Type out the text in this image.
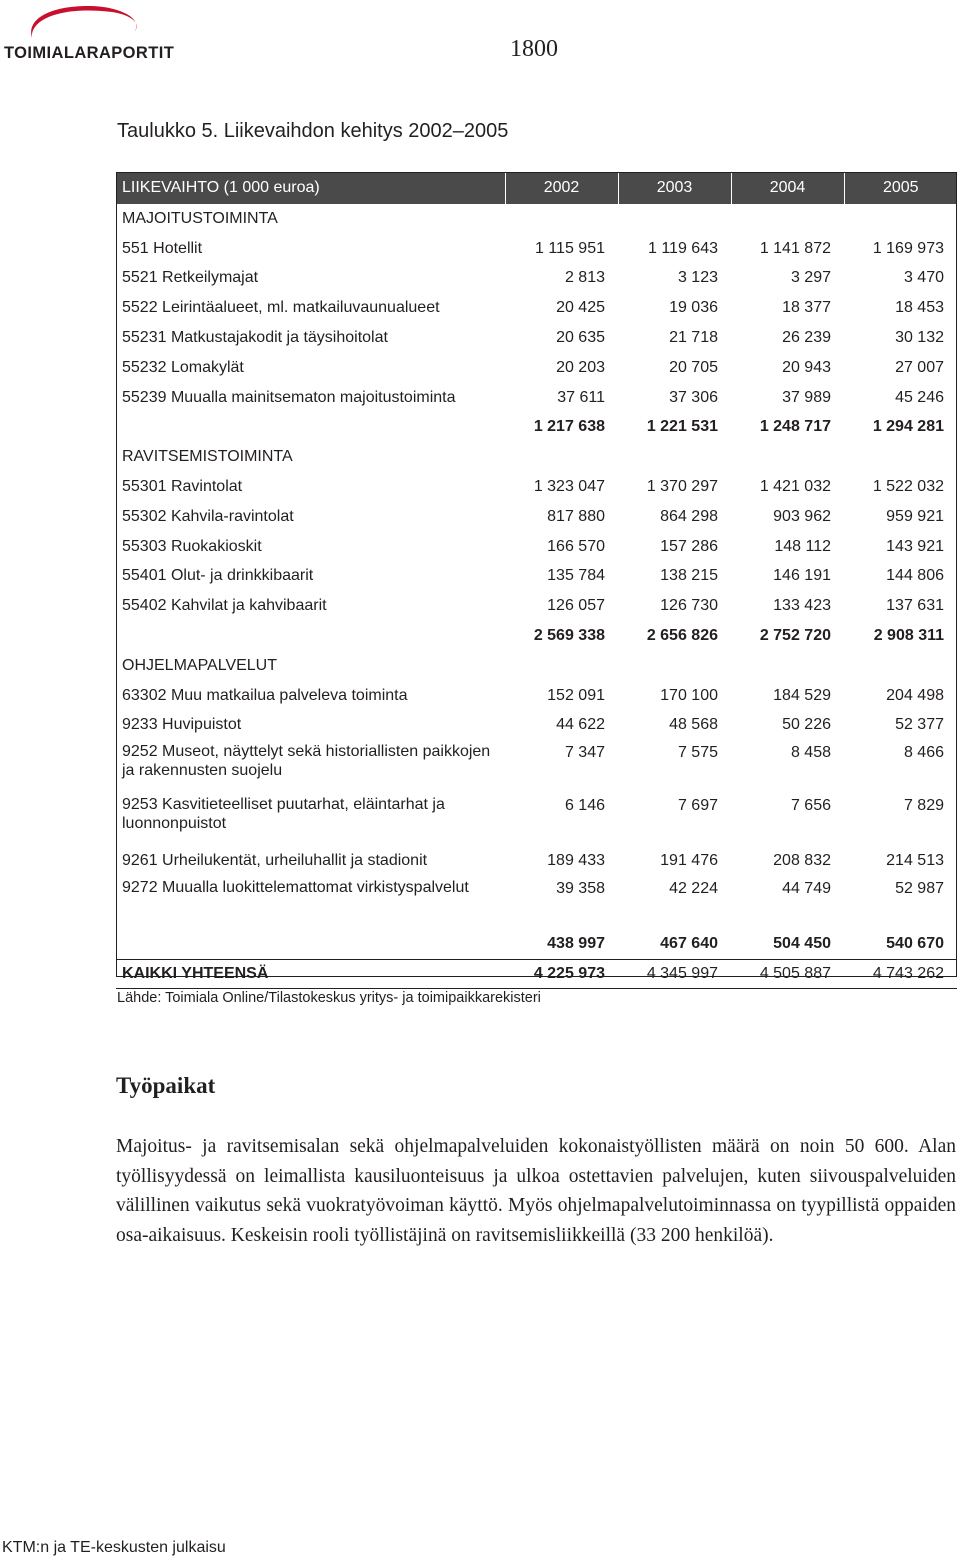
TOIMIALARAPORTIT	1800
Taulukko 5. Liikevaihdon kehitys 2002–2005
LIIKEVAIHTO (1 000 euroa)	2002	2003	2004	2005
MAJOITUSTOIMINTA				
551 Hotellit	1 115 951	1 119 643	1 141 872	1 169 973
5521 Retkeilymajat	2 813	3 123	3 297	3 470
5522 Leirintäalueet, ml. matkailuvaunualueet	20 425	19 036	18 377	18 453
55231 Matkustajakodit ja täysihoitolat	20 635	21 718	26 239	30 132
55232 Lomakylät	20 203	20 705	20 943	27 007
55239 Muualla mainitsematon majoitustoiminta	37 611	37 306	37 989	45 246
	1 217 638	1 221 531	1 248 717	1 294 281
RAVITSEMISTOIMINTA				
55301 Ravintolat	1 323 047	1 370 297	1 421 032	1 522 032
55302 Kahvila-ravintolat	817 880	864 298	903 962	959 921
55303 Ruokakioskit	166 570	157 286	148 112	143 921
55401 Olut- ja drinkkibaarit	135 784	138 215	146 191	144 806
55402 Kahvilat ja kahvibaarit	126 057	126 730	133 423	137 631
	2 569 338	2 656 826	2 752 720	2 908 311
OHJELMAPALVELUT				
63302 Muu matkailua palveleva toiminta	152 091	170 100	184 529	204 498
9233 Huvipuistot	44 622	48 568	50 226	52 377
9252 Museot, näyttelyt sekä historiallisten paikkojen ja rakennusten suojelu	7 347	7 575	8 458	8 466
9253 Kasvitieteelliset puutarhat, eläintarhat ja luonnonpuistot	6 146	7 697	7 656	7 829
9261 Urheilukentät, urheiluhallit ja stadionit	189 433	191 476	208 832	214 513
9272 Muualla luokittelemattomat virkistyspalvelut	39 358	42 224	44 749	52 987
	438 997	467 640	504 450	540 670
KAIKKI YHTEENSÄ	4 225 973	4 345 997	4 505 887	4 743 262
Lähde: Toimiala Online/Tilastokeskus yritys- ja toimipaikkarekisteri
Työpaikat
Majoitus- ja ravitsemisalan sekä ohjelmapalveluiden kokonaistyöllisten määrä on noin 50 600. Alan työllisyydessä on leimallista kausiluonteisuus ja ulkoa ostettavien palvelujen, kuten siivouspalveluiden välillinen vaikutus sekä vuokratyövoiman käyttö. Myös ohjelmapalvelutoiminnassa on tyypillistä oppaiden osa-aikaisuus. Keskeisin rooli työllistäjinä on ravitsemisliikkeillä (33 200 henkilöä).
KTM:n ja TE-keskusten julkaisu
